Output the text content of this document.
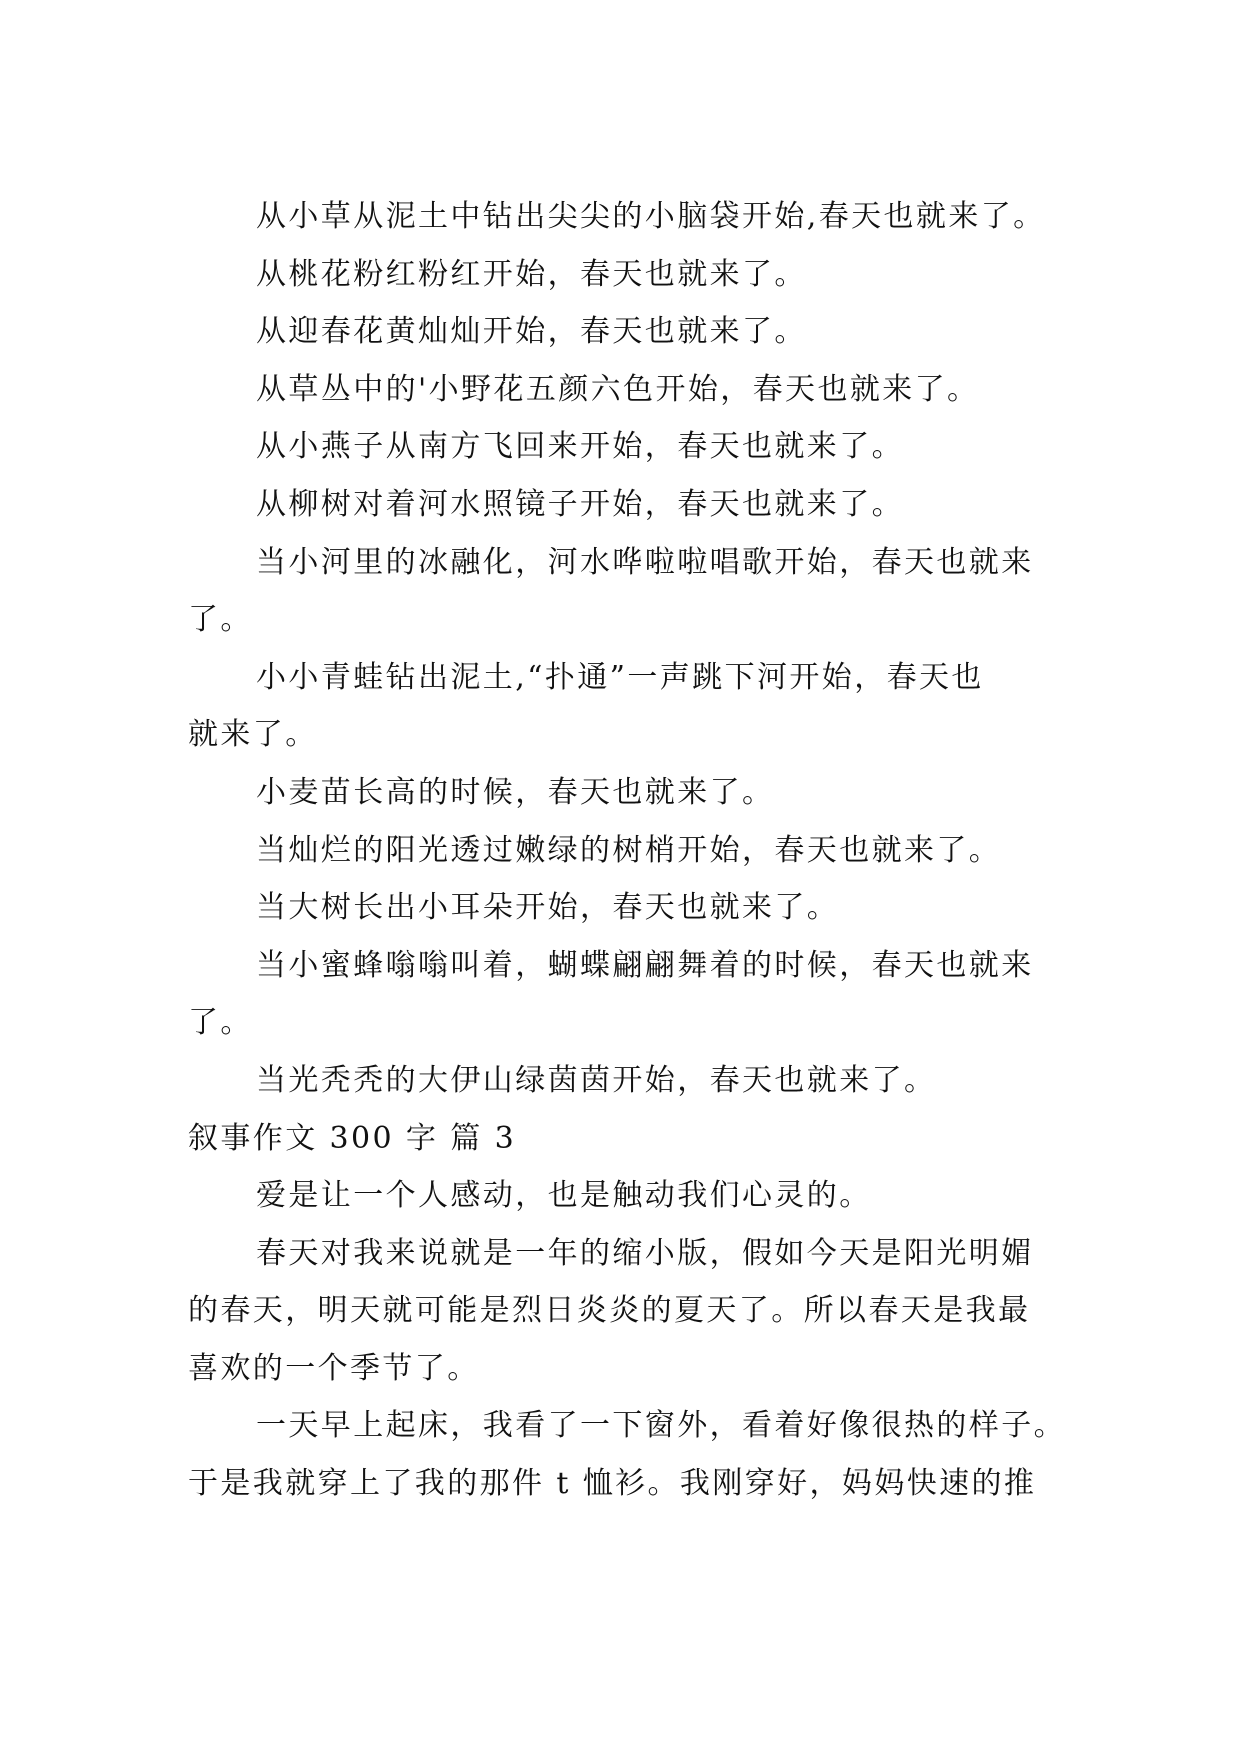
从小草从泥土中钻出尖尖的小脑袋开始,春天也就来了。
从桃花粉红粉红开始，春天也就来了。
从迎春花黄灿灿开始，春天也就来了。
从草丛中的'小野花五颜六色开始，春天也就来了。
从小燕子从南方飞回来开始，春天也就来了。
从柳树对着河水照镜子开始，春天也就来了。
当小河里的冰融化，河水哗啦啦唱歌开始，春天也就来
了。
小小青蛙钻出泥土,“扑通”一声跳下河开始，春天也
就来了。
小麦苗长高的时候，春天也就来了。
当灿烂的阳光透过嫩绿的树梢开始，春天也就来了。
当大树长出小耳朵开始，春天也就来了。
当小蜜蜂嗡嗡叫着，蝴蝶翩翩舞着的时候，春天也就来
了。
当光秃秃的大伊山绿茵茵开始，春天也就来了。
叙事作文 300 字 篇 3
爱是让一个人感动，也是触动我们心灵的。
春天对我来说就是一年的缩小版，假如今天是阳光明媚
的春天，明天就可能是烈日炎炎的夏天了。所以春天是我最
喜欢的一个季节了。
一天早上起床，我看了一下窗外，看着好像很热的样子。
于是我就穿上了我的那件 t 恤衫。我刚穿好，妈妈快速的推
